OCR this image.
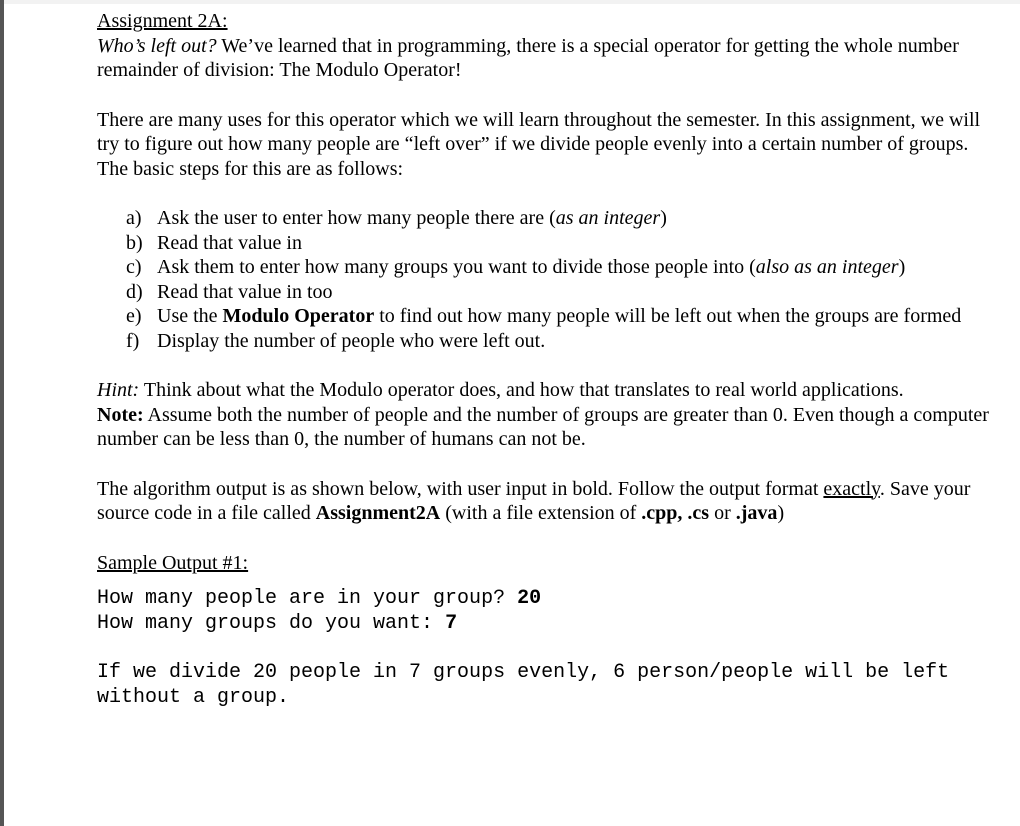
Assignment 2A:

Who’s left out? We’ve learned that in programming, there is a special operator for getting the whole number remainder of division: The Modulo Operator!

There are many uses for this operator which we will learn throughout the semester. In this assignment, we will try to figure out how many people are “left over” if we divide people evenly into a certain number of groups. The basic steps for this are as follows:

a) Ask the user to enter how many people there are (as an integer)
b) Read that value in
c) Ask them to enter how many groups you want to divide those people into (also as an integer)
d) Read that value in too
e) Use the Modulo Operator to find out how many people will be left out when the groups are formed
f) Display the number of people who were left out.

Hint: Think about what the Modulo operator does, and how that translates to real world applications.

Note: Assume both the number of people and the number of groups are greater than 0. Even though a computer number can be less than 0, the number of humans can not be.

The algorithm output is as shown below, with user input in bold. Follow the output format exactly. Save your source code in a file called Assignment2A (with a file extension of .cpp, .cs or .java)

Sample Output #1:
How many people are in your group? 20
How many groups do you want: 7
If we divide 20 people in 7 groups evenly, 6 person/people will be left without a group.
